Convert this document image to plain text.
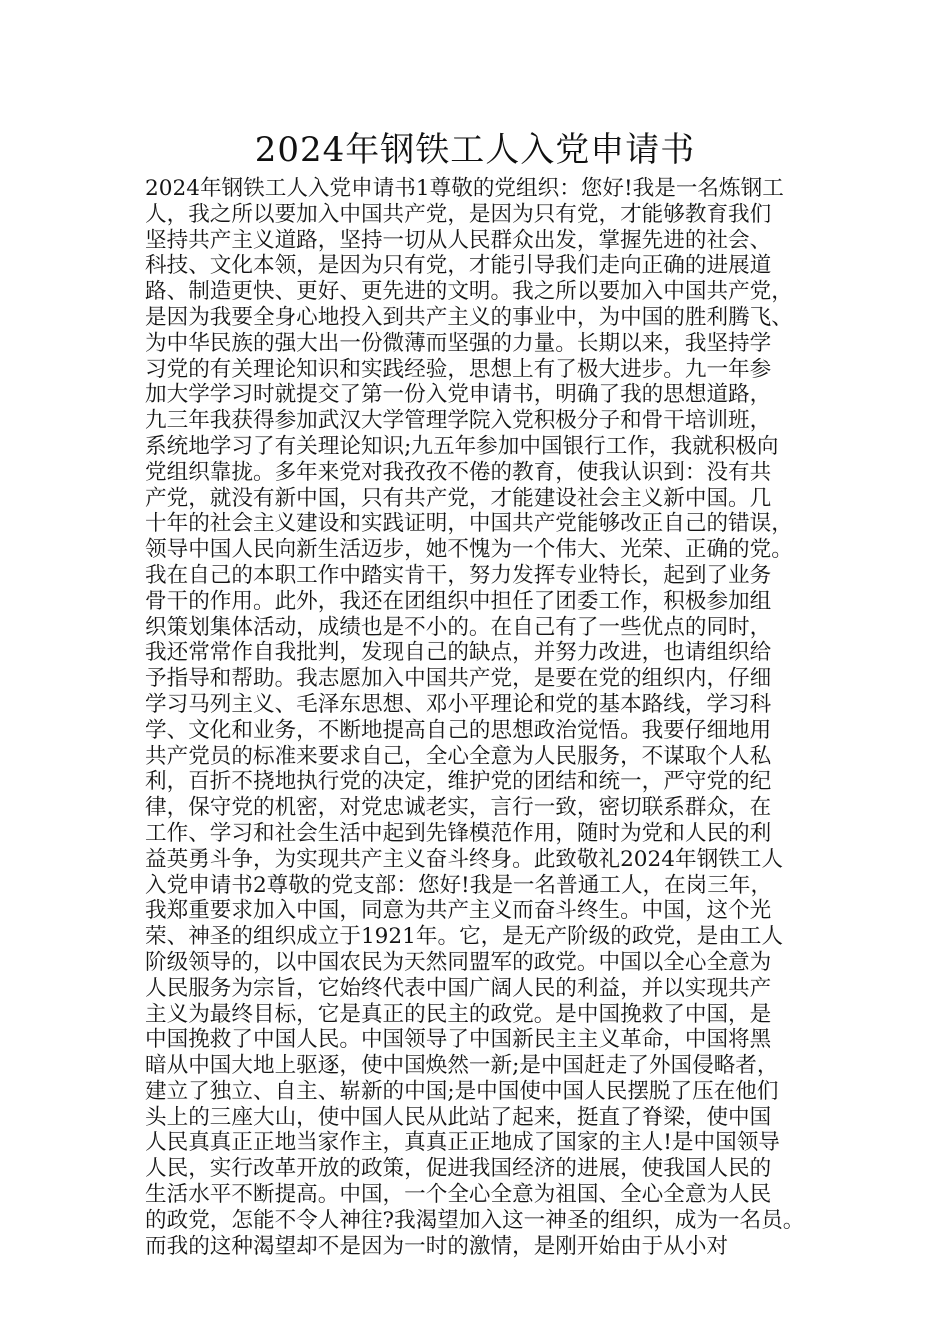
2024年钢铁工人入党申请书
2024年钢铁工人入党申请书1尊敬的党组织：您好!我是一名炼钢工
人，我之所以要加入中国共产党，是因为只有党，才能够教育我们
坚持共产主义道路，坚持一切从人民群众出发，掌握先进的社会、
科技、文化本领，是因为只有党，才能引导我们走向正确的进展道
路、制造更快、更好、更先进的文明。我之所以要加入中国共产党，
是因为我要全身心地投入到共产主义的事业中，为中国的胜利腾飞、
为中华民族的强大出一份微薄而坚强的力量。长期以来，我坚持学
习党的有关理论知识和实践经验，思想上有了极大进步。九一年参
加大学学习时就提交了第一份入党申请书，明确了我的思想道路，
九三年我获得参加武汉大学管理学院入党积极分子和骨干培训班，
系统地学习了有关理论知识;九五年参加中国银行工作，我就积极向
党组织靠拢。多年来党对我孜孜不倦的教育，使我认识到：没有共
产党，就没有新中国，只有共产党，才能建设社会主义新中国。几
十年的社会主义建设和实践证明，中国共产党能够改正自己的错误，
领导中国人民向新生活迈步，她不愧为一个伟大、光荣、正确的党。
我在自己的本职工作中踏实肯干，努力发挥专业特长，起到了业务
骨干的作用。此外，我还在团组织中担任了团委工作，积极参加组
织策划集体活动，成绩也是不小的。在自己有了一些优点的同时，
我还常常作自我批判，发现自己的缺点，并努力改进，也请组织给
予指导和帮助。我志愿加入中国共产党，是要在党的组织内，仔细
学习马列主义、毛泽东思想、邓小平理论和党的基本路线，学习科
学、文化和业务，不断地提高自己的思想政治觉悟。我要仔细地用
共产党员的标准来要求自己，全心全意为人民服务，不谋取个人私
利，百折不挠地执行党的决定，维护党的团结和统一，严守党的纪
律，保守党的机密，对党忠诚老实，言行一致，密切联系群众，在
工作、学习和社会生活中起到先锋模范作用，随时为党和人民的利
益英勇斗争，为实现共产主义奋斗终身。此致敬礼2024年钢铁工人
入党申请书2尊敬的党支部：您好!我是一名普通工人，在岗三年，
我郑重要求加入中国，同意为共产主义而奋斗终生。中国，这个光
荣、神圣的组织成立于1921年。它，是无产阶级的政党，是由工人
阶级领导的，以中国农民为天然同盟军的政党。中国以全心全意为
人民服务为宗旨，它始终代表中国广阔人民的利益，并以实现共产
主义为最终目标，它是真正的民主的政党。是中国挽救了中国，是
中国挽救了中国人民。中国领导了中国新民主主义革命，中国将黑
暗从中国大地上驱逐，使中国焕然一新;是中国赶走了外国侵略者，
建立了独立、自主、崭新的中国;是中国使中国人民摆脱了压在他们
头上的三座大山，使中国人民从此站了起来，挺直了脊梁，使中国
人民真真正正地当家作主，真真正正地成了国家的主人!是中国领导
人民，实行改革开放的政策，促进我国经济的进展，使我国人民的
生活水平不断提高。中国，一个全心全意为祖国、全心全意为人民
的政党，怎能不令人神往?我渴望加入这一神圣的组织，成为一名员。
而我的这种渴望却不是因为一时的激情，是刚开始由于从小对
